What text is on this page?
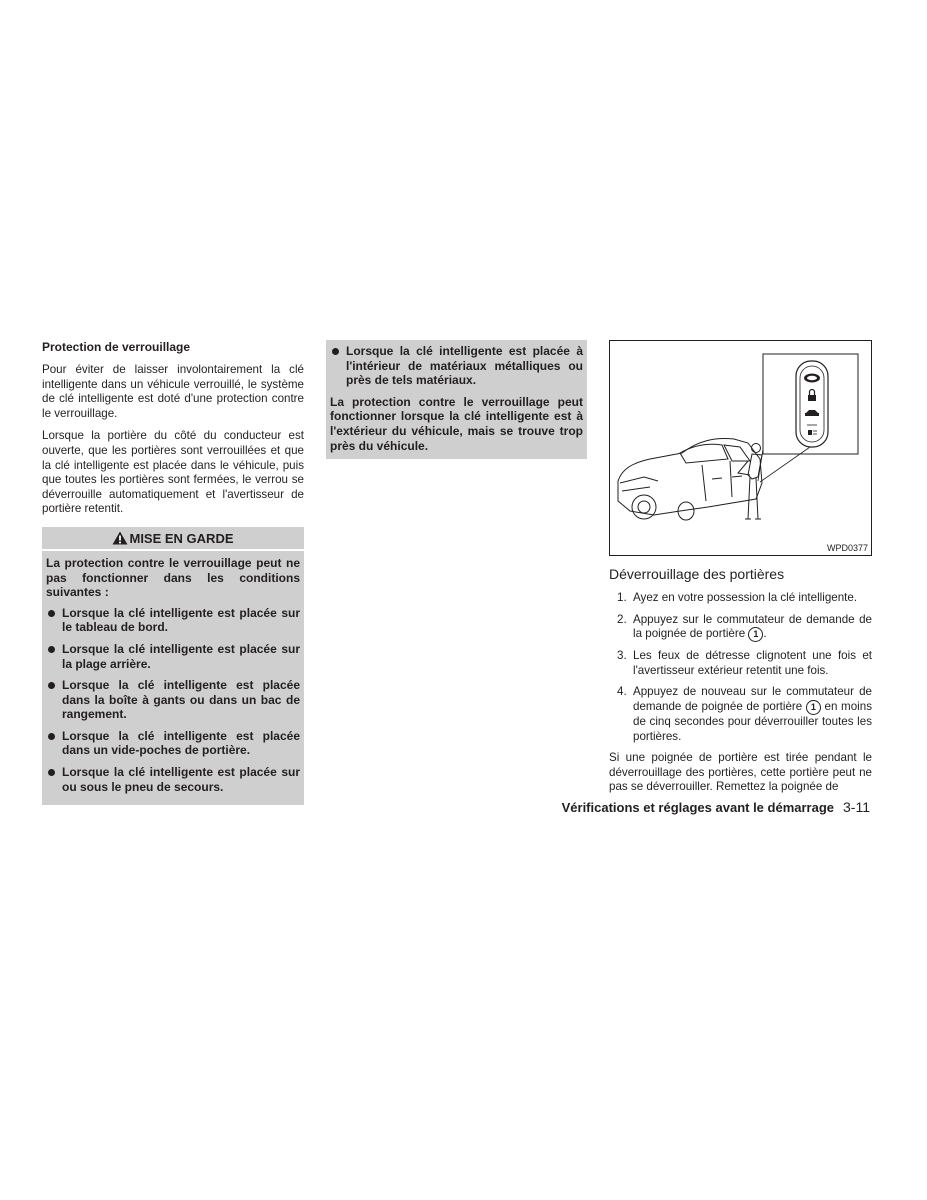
Protection de verrouillage

Pour éviter de laisser involontairement la clé intelligente dans un véhicule verrouillé, le système de clé intelligente est doté d'une protection contre le verrouillage.

Lorsque la portière du côté du conducteur est ouverte, que les portières sont verrouillées et que la clé intelligente est placée dans le véhicule, puis que toutes les portières sont fermées, le verrou se déverrouille automatiquement et l'avertisseur de portière retentit.

MISE EN GARDE

La protection contre le verrouillage peut ne pas fonctionner dans les conditions suivantes :

Lorsque la clé intelligente est placée sur le tableau de bord.
Lorsque la clé intelligente est placée sur la plage arrière.
Lorsque la clé intelligente est placée dans la boîte à gants ou dans un bac de rangement.
Lorsque la clé intelligente est placée dans un vide-poches de portière.
Lorsque la clé intelligente est placée sur ou sous le pneu de secours.
Lorsque la clé intelligente est placée à l'intérieur de matériaux métalliques ou près de tels matériaux.

La protection contre le verrouillage peut fonctionner lorsque la clé intelligente est à l'extérieur du véhicule, mais se trouve trop près du véhicule.

WPD0377
Déverrouillage des portières
1. Ayez en votre possession la clé intelligente.
2. Appuyez sur le commutateur de demande de la poignée de portière 1 .
3. Les feux de détresse clignotent une fois et l'avertisseur extérieur retentit une fois.
4. Appuyez de nouveau sur le commutateur de demande de poignée de portière 1 en moins de cinq secondes pour déverrouiller toutes les portières.

Si une poignée de portière est tirée pendant le déverrouillage des portières, cette portière peut ne pas se déverrouiller. Remettez la poignée de

Vérifications et réglages avant le démarrage 3-11
